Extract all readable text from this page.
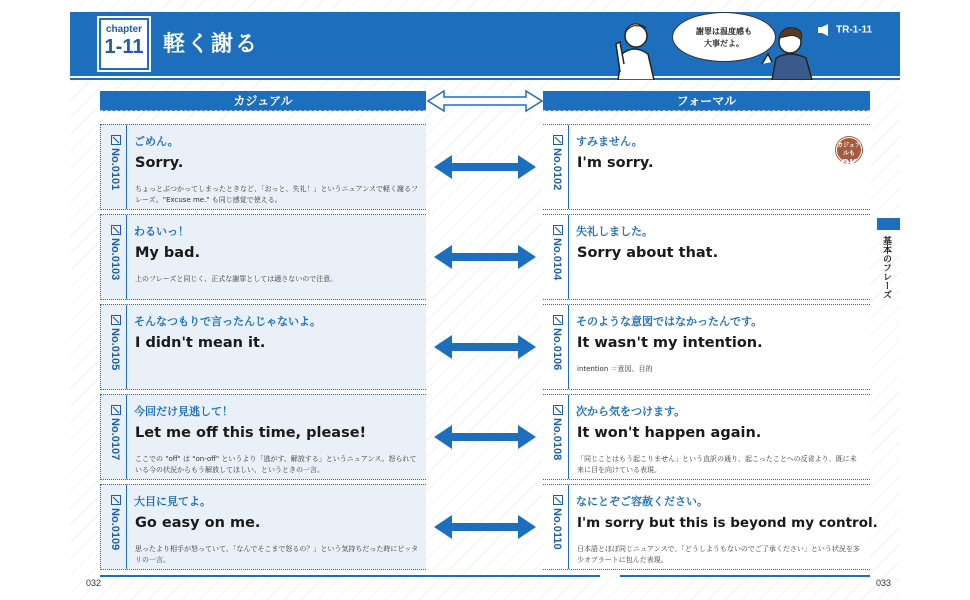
chapter
1-11 軽く謝る
謝罪は温度感も
大事だよ。
TR-1-11
カジュアル	フォーマル
No.0101
ごめん。
Sorry.
ちょっとぶつかってしまったときなど、「おっと、失礼！」というニュアンスで軽く謝るフレーズ。"Excuse me." も同じ感覚で使える。
No.0102
すみません。
I'm sorry.
カジュアルも
OK
No.0103
わるいっ！
My bad.
上のフレーズと同じく、正式な謝罪としては適さないので注意。	No.0104
失礼しました。
Sorry about that.
No.0105
そんなつもりで言ったんじゃないよ。
I didn't mean it.	No.0106
そのような意図ではなかったんです。
It wasn't my intention.
intention ＝意図、目的
No.0107
今回だけ見逃して！
Let me off this time, please!
ここでの "off" は "on-off" というより「逃がす、解放する」というニュアンス。怒られている今の状況からもう解放してほしい、というときの一言。
No.0108
次から気をつけます。
It won't happen again.
「同じことはもう起こりません」という直訳の通り、起こったことへの反省より、既に未来に目を向けている表現。
No.0109
大目に見てよ。
Go easy on me.
思ったより相手が怒っていて、「なんでそこまで怒るの？」という気持ちだった時にピッタリの一言。
No.0110
なにとぞご容赦ください。
I'm sorry but this is beyond my control.
日本語とほぼ同じニュアンスで、「どうしようもないのでご了承ください」という状況を多少オブラートに包んだ表現。
基本のフレーズ
032	033
